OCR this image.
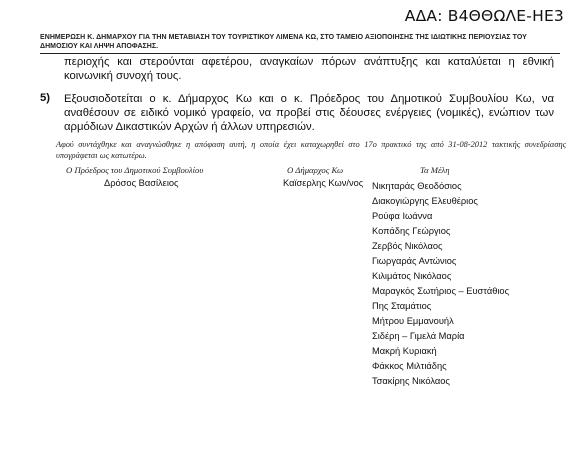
ΑΔΑ: Β4ΘΘΩΛΕ-ΗΕ3
ΕΝΗΜΕΡΩΣΗ Κ. ΔΗΜΑΡΧΟΥ ΓΙΑ ΤΗΝ ΜΕΤΑΒΙΑΣΗ ΤΟΥ ΤΟΥΡΙΣΤΙΚΟΥ ΛΙΜΕΝΑ ΚΩ, ΣΤΟ ΤΑΜΕΙΟ ΑΞΙΟΠΟΙΗΣΗΣ ΤΗΣ ΙΔΙΩΤΙΚΗΣ ΠΕΡΙΟΥΣΙΑΣ ΤΟΥ ΔΗΜΟΣΙΟΥ ΚΑΙ ΛΗΨΗ ΑΠΟΦΑΣΗΣ.
περιοχής και στερούνται αφετέρου, αναγκαίων πόρων ανάπτυξης και καταλύεται η εθνική κοινωνική συνοχή τους.
5) Εξουσιοδοτείται ο κ. Δήμαρχος Κω και ο κ. Πρόεδρος του Δημοτικού Συμβουλίου Κω, να αναθέσουν σε ειδικό νομικό γραφείο, να προβεί στις δέουσες ενέργειες (νομικές), ενώπιον των αρμόδιων Δικαστικών Αρχών ή άλλων υπηρεσιών.
Αφού συντάχθηκε και αναγνώσθηκε η απόφαση αυτή, η οποία έχει καταχωρηθεί στο 17ο πρακτικό της από 31-08-2012 τακτικής συνεδρίασης υπογράφεται ως κατωτέρω.
Ο Πρόεδρος του Δημοτικού Συμβουλίου
Δρόσος Βασίλειος
Ο Δήμαρχος Κω
Καϊσερλης Κων/νος
Τα Μέλη
Νικηταράς Θεοδόσιος
Διακογιώργης Ελευθέριος
Ρούφα Ιωάννα
Κοπάδης Γεώργιος
Ζερβός Νικόλαος
Γιωργαράς Αντώνιος
Κιλιμάτος Νικόλαος
Μαραγκός Σωτήριος – Ευστάθιος
Πης Σταμάτιος
Μήτρου Εμμανουήλ
Σιδέρη – Γιμελά Μαρία
Μακρή Κυριακή
Φάκκος Μιλτιάδης
Τσακίρης Νικόλαος
